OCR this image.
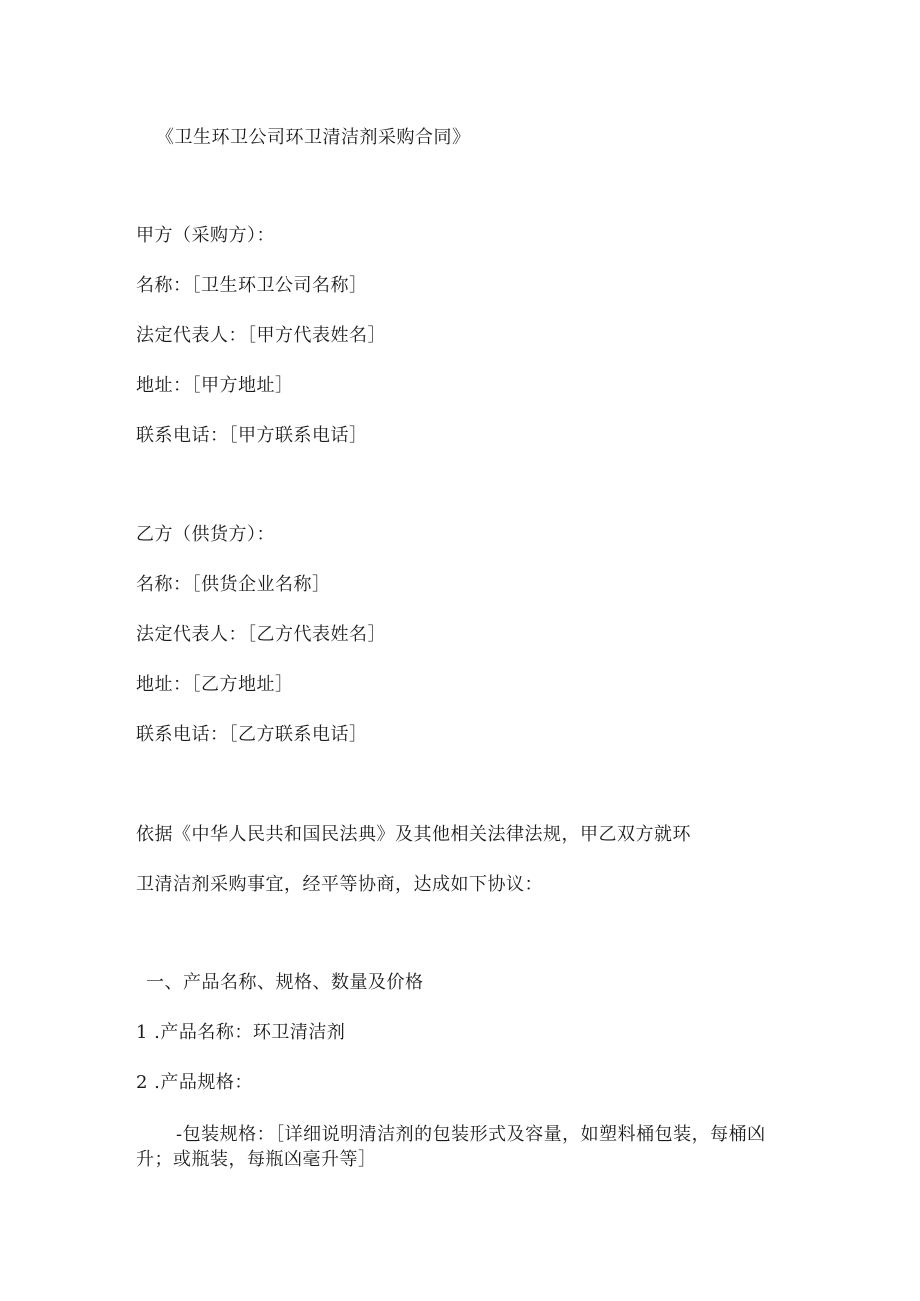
《卫生环卫公司环卫清洁剂采购合同》
甲方（采购方）：
名称：［卫生环卫公司名称］
法定代表人：［甲方代表姓名］
地址：［甲方地址］
联系电话：［甲方联系电话］
乙方（供货方）：
名称：［供货企业名称］
法定代表人：［乙方代表姓名］
地址：［乙方地址］
联系电话：［乙方联系电话］
依据《中华人民共和国民法典》及其他相关法律法规，甲乙双方就环
卫清洁剂采购事宜，经平等协商，达成如下协议：
一、产品名称、规格、数量及价格
1 .产品名称：环卫清洁剂
2 .产品规格：
-包装规格：［详细说明清洁剂的包装形式及容量，如塑料桶包装，每桶凶升；或瓶装，每瓶凶毫升等］
